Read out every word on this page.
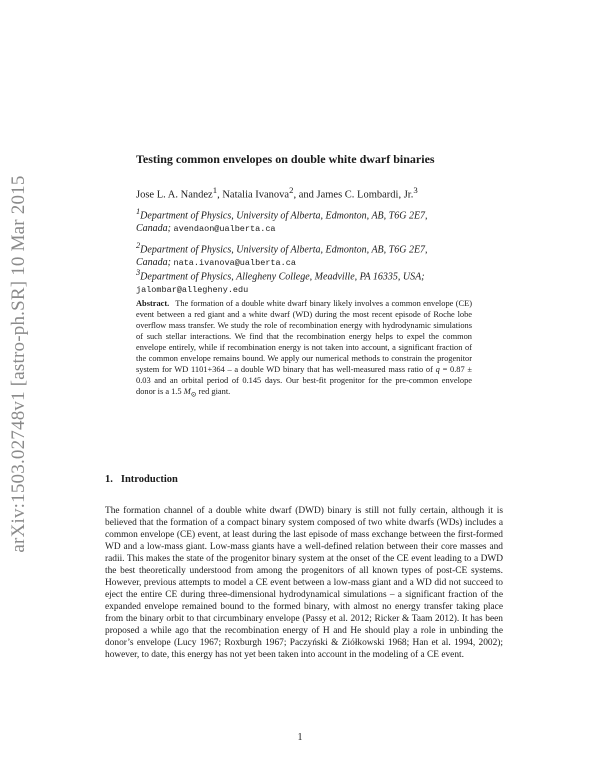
arXiv:1503.02748v1 [astro-ph.SR] 10 Mar 2015
Testing common envelopes on double white dwarf binaries
Jose L. A. Nandez$^1$, Natalia Ivanova$^2$, and James C. Lombardi, Jr.$^3$
$^1$Department of Physics, University of Alberta, Edmonton, AB, T6G 2E7,
Canada; avendaon@ualberta.ca
$^2$Department of Physics, University of Alberta, Edmonton, AB, T6G 2E7,
Canada; nata.ivanova@ualberta.ca
$^3$Department of Physics, Allegheny College, Meadville, PA 16335, USA;
jalombar@allegheny.edu
Abstract. The formation of a double white dwarf binary likely involves a common envelope (CE) event between a red giant and a white dwarf (WD) during the most recent episode of Roche lobe overflow mass transfer. We study the role of recombination energy with hydrodynamic simulations of such stellar interactions. We find that the recombination energy helps to expel the common envelope entirely, while if recombination energy is not taken into account, a significant fraction of the common envelope remains bound. We apply our numerical methods to constrain the progenitor system for WD 1101+364 – a double WD binary that has well-measured mass ratio of q = 0.87 ± 0.03 and an orbital period of 0.145 days. Our best-fit progenitor for the pre-common envelope donor is a 1.5 $M_⊙$ red giant.
1. Introduction
The formation channel of a double white dwarf (DWD) binary is still not fully certain, although it is believed that the formation of a compact binary system composed of two white dwarfs (WDs) includes a common envelope (CE) event, at least during the last episode of mass exchange between the first-formed WD and a low-mass giant. Low-mass giants have a well-defined relation between their core masses and radii. This makes the state of the progenitor binary system at the onset of the CE event leading to a DWD the best theoretically understood from among the progenitors of all known types of post-CE systems. However, previous attempts to model a CE event between a low-mass giant and a WD did not succeed to eject the entire CE during three-dimensional hydrodynamical simulations – a significant fraction of the expanded envelope remained bound to the formed binary, with almost no energy transfer taking place from the binary orbit to that circumbinary envelope (Passy et al. 2012; Ricker & Taam 2012). It has been proposed a while ago that the recombination energy of H and He should play a role in unbinding the donor’s envelope (Lucy 1967; Roxburgh 1967; Paczyński & Ziółkowski 1968; Han et al. 1994, 2002); however, to date, this energy has not yet been taken into account in the modeling of a CE event.
1
